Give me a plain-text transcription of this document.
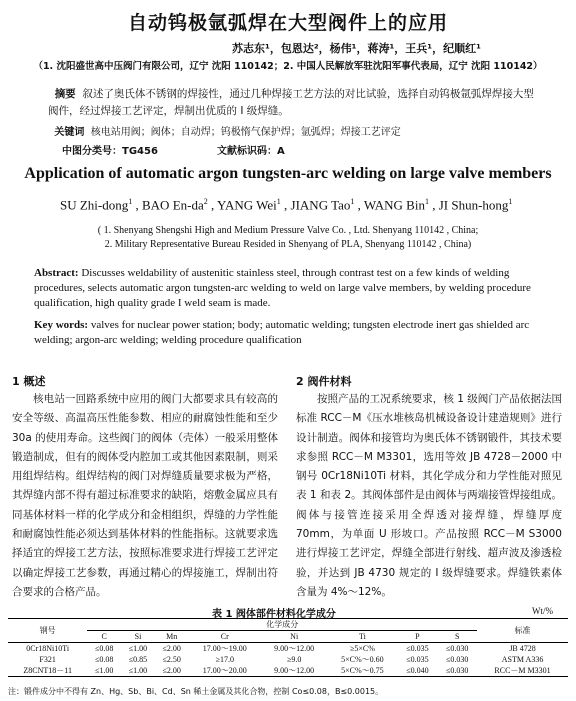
自动钨极氩弧焊在大型阀件上的应用
苏志东¹，包恩达²，杨伟¹，蒋涛¹，王兵¹，纪顺红¹
（1. 沈阳盛世高中压阀门有限公司，辽宁 沈阳 110142；2. 中国人民解放军驻沈阳军事代表局，辽宁 沈阳 110142）
摘要 叙述了奥氏体不锈钢的焊接性，通过几种焊接工艺方法的对比试验，选择自动钨极氩弧焊焊接大型阀件，经过焊接工艺评定，焊制出优质的 I 级焊缝。
关键词 核电站用阀；阀体；自动焊；钨极惰气保护焊；氩弧焊；焊接工艺评定
中图分类号：TG456	文献标识码：A
Application of automatic argon tungsten-arc welding on large valve members
SU Zhi-dong$^1$ , BAO $En-da^2$ , YANG Wei$^1$ , JIANG Tao$^1$ , WANG Bin$^1$ , JI Shun-hong$^1$
( 1. Shenyang Shengshi High and Medium Pressure Valve Co. , Ltd. Shenyang 110142 , China;
2. Military Representative Bureau Resided in Shenyang of PLA, Shenyang 110142 , China)
Abstract: Discusses weldability of austenitic stainless steel, through contrast test on a few kinds of welding procedures, selects automatic argon tungsten-arc welding to weld on large valve members, by welding procedure qualification, high quality grade I weld seam is made.
Key words: valves for nuclear power station; body; automatic welding; tungsten electrode inert gas shielded arc welding; argon-arc welding; welding procedure qualification
1 概述

核电站一回路系统中应用的阀门大都要求具有较高的安全等级、高温高压性能参数、相应的耐腐蚀性能和至少 30a 的使用寿命。这些阀门的阀体（壳体）一般采用整体锻造制成，但有的阀体受内腔加工或其他因素限制，则采用组焊结构。组焊结构的阀门对焊缝质量要求极为严格，其焊缝内部不得有超过标准要求的缺陷，熔敷金属应具有同基体材料一样的化学成分和金相组织，焊缝的力学性能和耐腐蚀性能必须达到基体材料的性能指标。这就要求选择适宜的焊接工艺方法，按照标准要求进行焊接工艺评定以确定焊接工艺参数，再通过精心的焊接施工，焊制出符合要求的合格产品。

2 阀件材料

按照产品的工况系统要求，核 1 级阀门产品依据法国标准 RCC－M《压水堆核岛机械设备设计建造规则》进行设计制造。阀体和接管均为奥氏体不锈钢锻件，其技术要求参照 RCC－M M3301，选用等效 JB 4728－2000 中钢号 0Cr18Ni10Ti 材料，其化学成分和力学性能对照见表 1 和表 2。其阀体部件是由阀体与两端接管焊接组成。阀体与接管连接采用全焊透对接焊缝，焊缝厚度 70mm，为单面 U 形坡口。产品按照 RCC－M S3000 进行焊接工艺评定，焊缝全部进行射线、超声波及渗透检验，并达到 JB 4730 规定的 I 级焊缝要求。焊缝铁素体含量为 4%～12%。

表 1 阀体部件材料化学成分	Wt/%
钢号	化学成分								标准
	C	Si	Mn	Cr	Ni	Ti	P	S	
0Cr18Ni10Ti	≤0.08	≤1.00	≤2.00	17.00～19.00	9.00～12.00	≥5×C%	≤0.035	≤0.030	JB 4728
F321	≤0.08	≤0.85	≤2.50	≥17.0	≥9.0	5×C%～0.60	≤0.035	≤0.030	ASTM A336
Z8CNT18－11	≤1.00	≤1.00	≤2.00	17.00～20.00	9.00～12.00	5×C%～0.75	≤0.040	≤0.030	RCC－M M3301
注：锻件成分中不得有 Zn、Hg、Sb、Bi、Cd、Sn 稀土金属及其化合物，控制 Co≤0.08，B≤0.0015。
